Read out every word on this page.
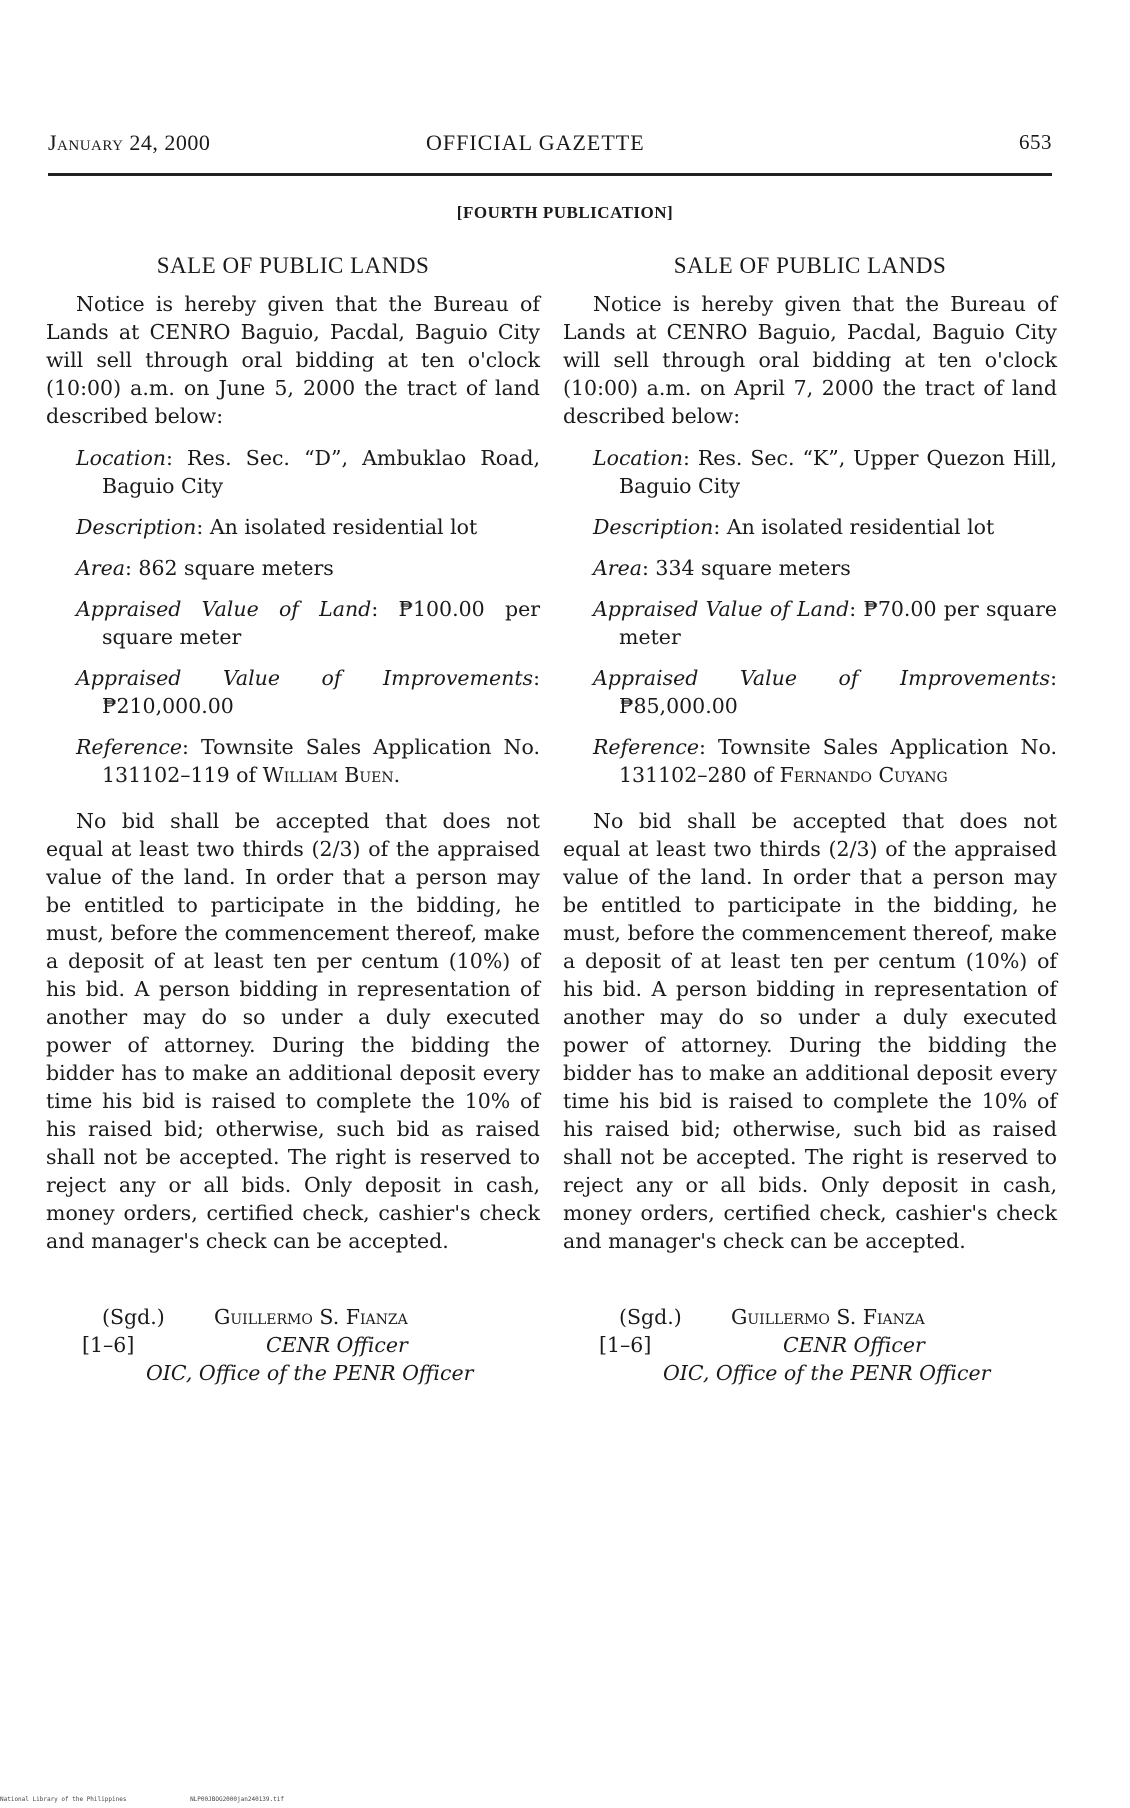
January 24, 2000	OFFICIAL GAZETTE	653
[FOURTH PUBLICATION]
SALE OF PUBLIC LANDS

Notice is hereby given that the Bureau of Lands at CENRO Baguio, Pacdal, Baguio City will sell through oral bidding at ten o'clock (10:00) a.m. on June 5, 2000 the tract of land described below:

Location: Res. Sec. “D”, Ambuklao Road, Baguio City

Description: An isolated residential lot

Area: 862 square meters

Appraised Value of Land: ₱100.00 per square meter

Appraised Value of Improvements: ₱210,000.00

Reference: Townsite Sales Application No. 131102–119 of William Buen.

No bid shall be accepted that does not equal at least two thirds (2/3) of the appraised value of the land. In order that a person may be entitled to participate in the bidding, he must, before the commencement thereof, make a deposit of at least ten per centum (10%) of his bid. A person bidding in representation of another may do so under a duly executed power of attorney. During the bidding the bidder has to make an additional deposit every time his bid is raised to complete the 10% of his raised bid; otherwise, such bid as raised shall not be accepted. The right is reserved to reject any or all bids. Only deposit in cash, money orders, certified check, cashier's check and manager's check can be accepted.

(Sgd.) Guillermo S. Fianza
[1–6]	CENR Officer
OIC, Office of the PENR Officer
SALE OF PUBLIC LANDS

Notice is hereby given that the Bureau of Lands at CENRO Baguio, Pacdal, Baguio City will sell through oral bidding at ten o'clock (10:00) a.m. on April 7, 2000 the tract of land described below:

Location: Res. Sec. “K”, Upper Quezon Hill, Baguio City

Description: An isolated residential lot

Area: 334 square meters

Appraised Value of Land: ₱70.00 per square meter

Appraised Value of Improvements: ₱85,000.00

Reference: Townsite Sales Application No. 131102–280 of Fernando Cuyang

No bid shall be accepted that does not equal at least two thirds (2/3) of the appraised value of the land. In order that a person may be entitled to participate in the bidding, he must, before the commencement thereof, make a deposit of at least ten per centum (10%) of his bid. A person bidding in representation of another may do so under a duly executed power of attorney. During the bidding the bidder has to make an additional deposit every time his bid is raised to complete the 10% of his raised bid; otherwise, such bid as raised shall not be accepted. The right is reserved to reject any or all bids. Only deposit in cash, money orders, certified check, cashier's check and manager's check can be accepted.

(Sgd.) Guillermo S. Fianza
[1–6]	CENR Officer
OIC, Office of the PENR Officer
National Library of the Philippines	NLP00JBOG2000jan240139.tif
